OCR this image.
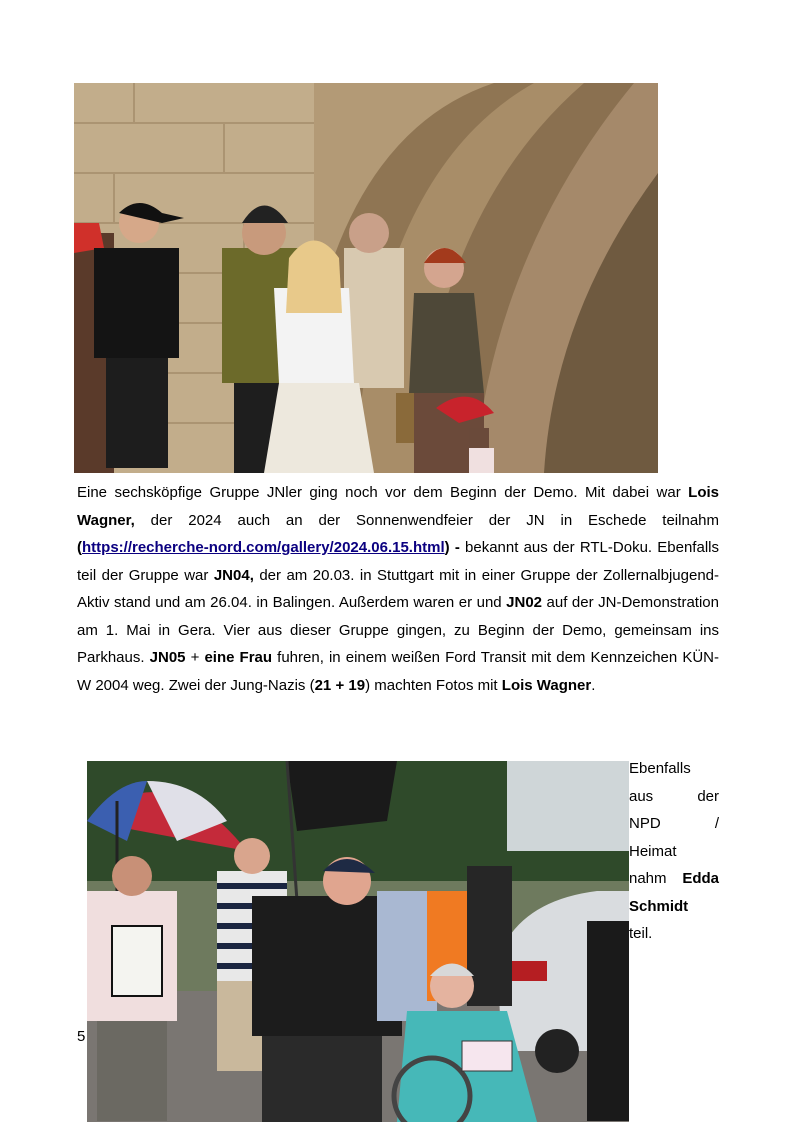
Eine sechsköpfige Gruppe JNler ging noch vor dem Beginn der Demo. Mit dabei war Lois Wagner, der 2024 auch an der Sonnenwendfeier der JN in Eschede teilnahm (https://recherche-nord.com/gallery/2024.06.15.html) - bekannt aus der RTL-Doku. Ebenfalls teil der Gruppe war JN04, der am 20.03. in Stuttgart mit in einer Gruppe der Zollernalbjugend-Aktiv stand und am 26.04. in Balingen. Außerdem waren er und JN02 auf der JN-Demonstration am 1. Mai in Gera. Vier aus dieser Gruppe gingen, zu Beginn der Demo, gemeinsam ins Parkhaus. JN05 + eine Frau fuhren, in einem weißen Ford Transit mit dem Kennzeichen KÜN-W 2004 weg. Zwei der Jung-Nazis (21 + 19) machten Fotos mit Lois Wagner.

Ebenfalls
aus	der
NPD	/
Heimat
nahm Edda
Schmidt
teil.
5
